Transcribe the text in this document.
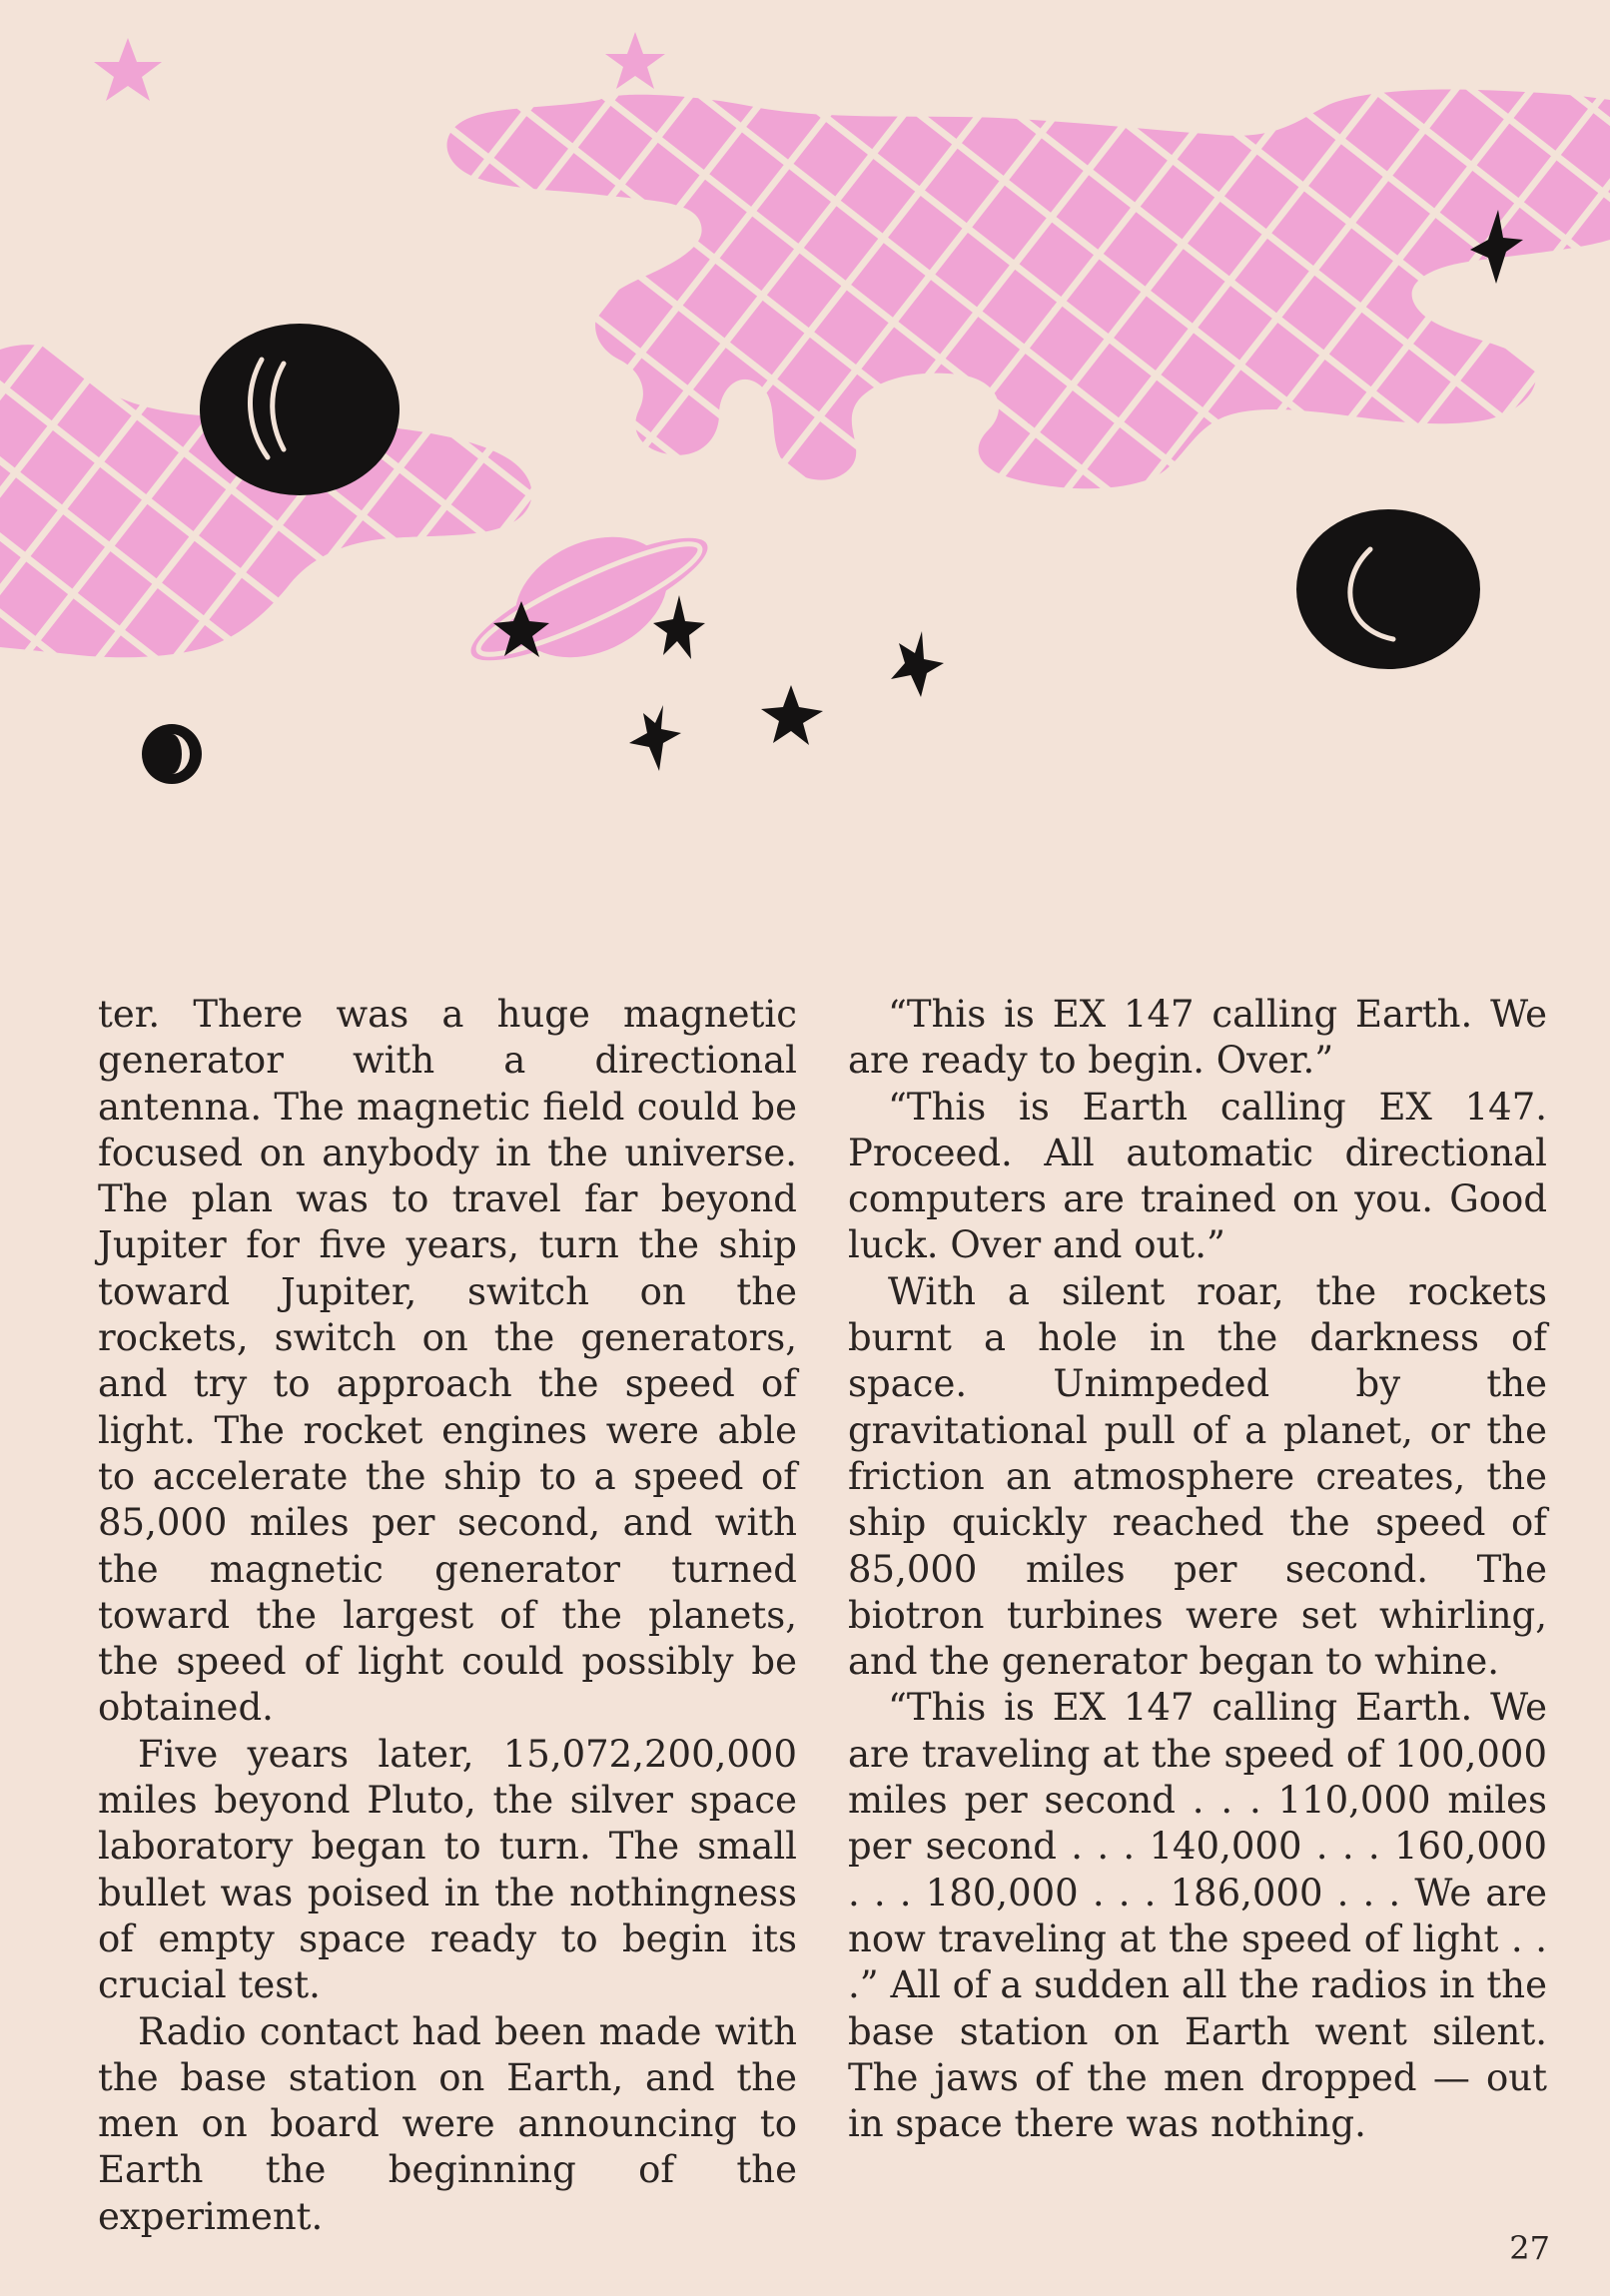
ter. There was a huge magnetic generator with a directional antenna. The magnetic field could be focused on anybody in the universe. The plan was to travel far beyond Jupiter for five years, turn the ship toward Jupiter, switch on the rockets, switch on the generators, and try to approach the speed of light. The rocket engines were able to accelerate the ship to a speed of 85,000 miles per second, and with the magnetic generator turned toward the largest of the planets, the speed of light could possibly be obtained.

Five years later, 15,072,200,000 miles beyond Pluto, the silver space laboratory began to turn. The small bullet was poised in the nothingness of empty space ready to begin its crucial test.

Radio contact had been made with the base station on Earth, and the men on board were announcing to Earth the beginning of the experiment.

“This is EX 147 calling Earth. We are ready to begin. Over.”

“This is Earth calling EX 147. Proceed. All automatic directional computers are trained on you. Good luck. Over and out.”

With a silent roar, the rockets burnt a hole in the darkness of space. Unimpeded by the gravitational pull of a planet, or the friction an atmosphere creates, the ship quickly reached the speed of 85,000 miles per second. The biotron turbines were set whirling, and the generator began to whine.

“This is EX 147 calling Earth. We are traveling at the speed of 100,000 miles per second . . . 110,000 miles per second . . . 140,000 . . . 160,000 . . . 180,000 . . . 186,000 . . . We are now traveling at the speed of light . . .” All of a sudden all the radios in the base station on Earth went silent. The jaws of the men dropped — out in space there was nothing.

27
